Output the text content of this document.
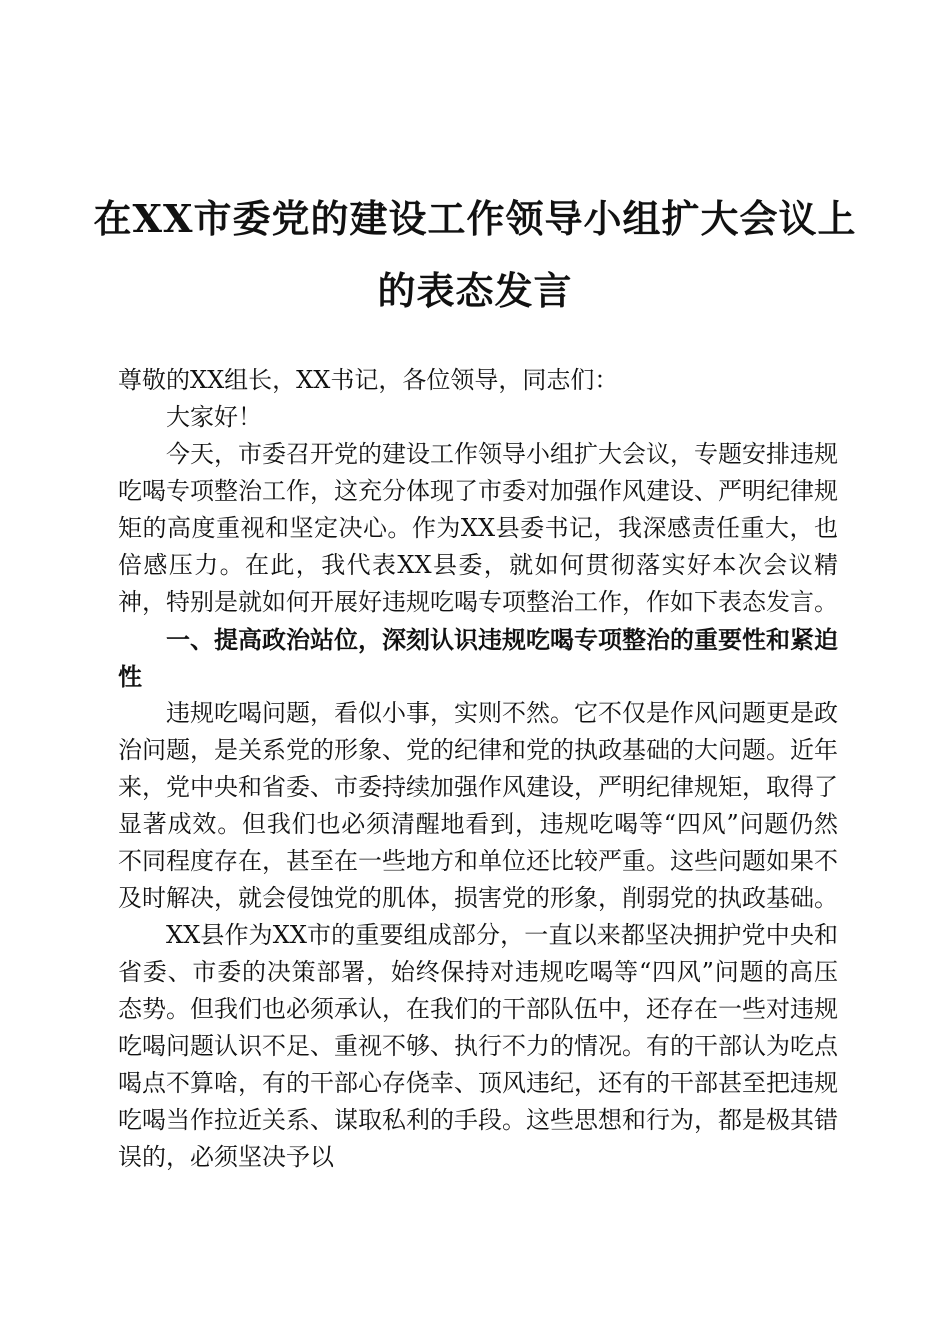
在XX市委党的建设工作领导小组扩大会议上
的表态发言

尊敬的XX组长，XX书记，各位领导，同志们：

大家好！

今天，市委召开党的建设工作领导小组扩大会议，专题安排违规吃喝专项整治工作，这充分体现了市委对加强作风建设、严明纪律规矩的高度重视和坚定决心。作为XX县委书记，我深感责任重大，也倍感压力。在此，我代表XX县委，就如何贯彻落实好本次会议精神，特别是就如何开展好违规吃喝专项整治工作，作如下表态发言。

一、提高政治站位，深刻认识违规吃喝专项整治的重要性和紧迫性

违规吃喝问题，看似小事，实则不然。它不仅是作风问题更是政治问题，是关系党的形象、党的纪律和党的执政基础的大问题。近年来，党中央和省委、市委持续加强作风建设，严明纪律规矩，取得了显著成效。但我们也必须清醒地看到，违规吃喝等“四风”问题仍然不同程度存在，甚至在一些地方和单位还比较严重。这些问题如果不及时解决，就会侵蚀党的肌体，损害党的形象，削弱党的执政基础。

XX县作为XX市的重要组成部分，一直以来都坚决拥护党中央和省委、市委的决策部署，始终保持对违规吃喝等“四风”问题的高压态势。但我们也必须承认，在我们的干部队伍中，还存在一些对违规吃喝问题认识不足、重视不够、执行不力的情况。有的干部认为吃点喝点不算啥，有的干部心存侥幸、顶风违纪，还有的干部甚至把违规吃喝当作拉近关系、谋取私利的手段。这些思想和行为，都是极其错误的，必须坚决予以
